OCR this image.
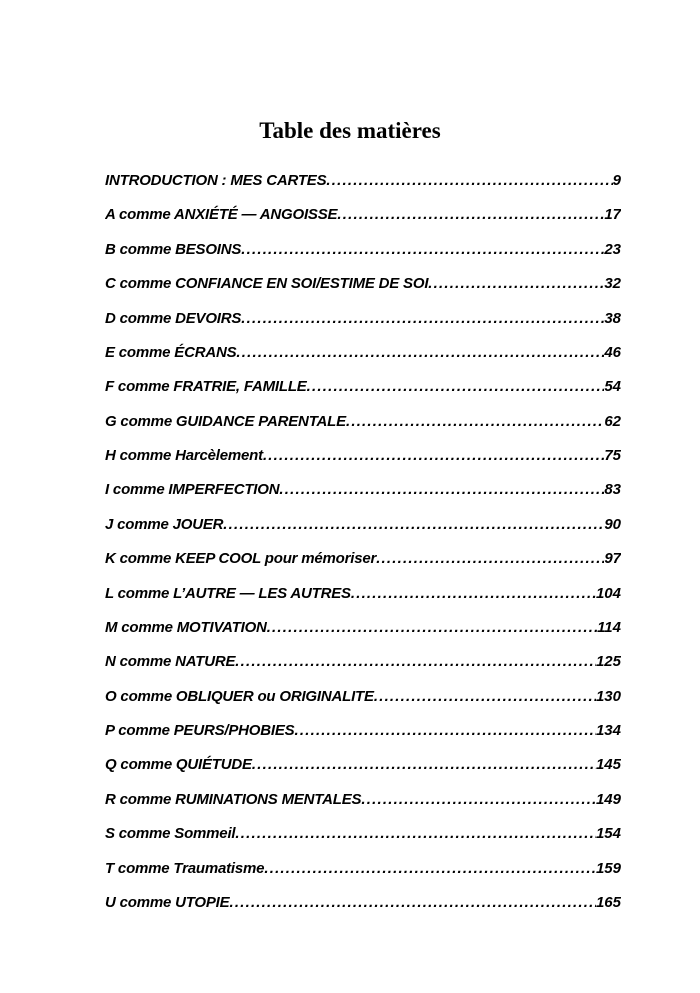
Table des matières
INTRODUCTION : MES CARTES .....	9
A comme ANXIÉTÉ — ANGOISSE .....	17
B comme BESOINS .....	23
C comme CONFIANCE EN SOI/ESTIME DE SOI .....	32
D comme DEVOIRS .....	38
E comme ÉCRANS .....	46
F comme FRATRIE, FAMILLE .....	54
G comme GUIDANCE PARENTALE .....	62
H comme Harcèlement .....	75
I comme IMPERFECTION .....	83
J comme JOUER .....	90
K comme KEEP COOL pour mémoriser .....	97
L comme L’AUTRE — LES AUTRES .....	104
M comme MOTIVATION .....	114
N comme NATURE .....	125
O comme OBLIQUER ou ORIGINALITE .....	130
P comme PEURS/PHOBIES .....	134
Q comme QUIÉTUDE .....	145
R comme RUMINATIONS MENTALES .....	149
S comme Sommeil .....	154
T comme Traumatisme .....	159
U comme UTOPIE .....	165
